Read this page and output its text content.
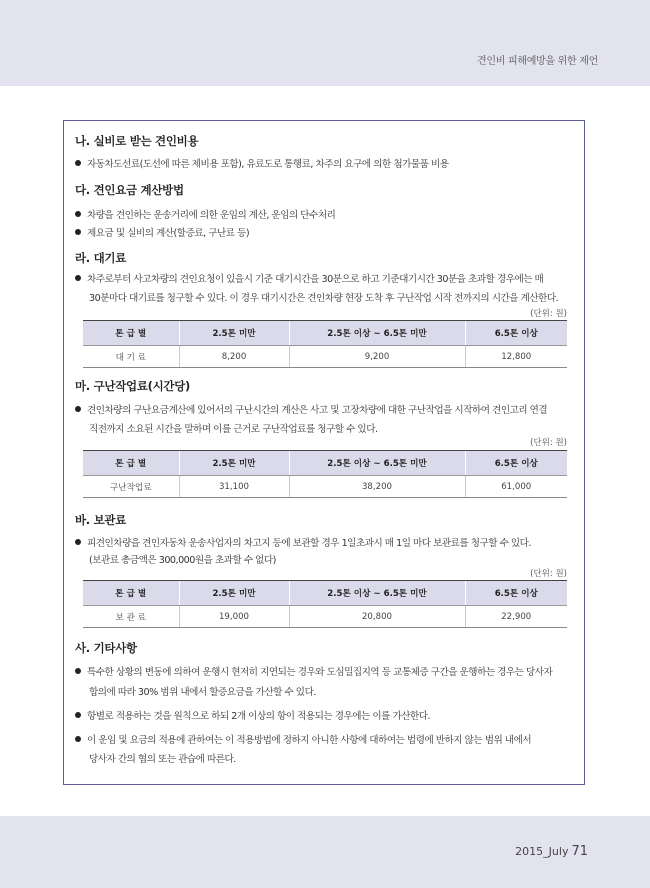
견인비 피해예방을 위한 제언
나. 실비로 받는 견인비용
자동차도선료(도선에 따른 제비용 포함), 유료도로 통행료, 차주의 요구에 의한 첨가물품 비용
다. 견인요금 계산방법
차량을 견인하는 운송거리에 의한 운임의 계산, 운임의 단수처리
제요금 및 실비의 계산(할증료, 구난료 등)
라. 대기료
차주로부터 사고차량의 견인요청이 있을시 기준 대기시간을 30분으로 하고 기준대기시간 30분을 초과할 경우에는 매
30분마다 대기료를 청구할 수 있다. 이 경우 대기시간은 견인차량 현장 도착 후 구난작업 시작 전까지의 시간을 계산한다.
(단위: 원)
톤 급 별	2.5톤 미만	2.5톤 이상 ~ 6.5톤 미만	6.5톤 이상
대 기 료	8,200	9,200	12,800
마. 구난작업료(시간당)
견인차량의 구난요금계산에 있어서의 구난시간의 계산은 사고 및 고장차량에 대한 구난작업을 시작하여 견인고리 연결
직전까지 소요된 시간을 말하며 이를 근거로 구난작업료를 청구할 수 있다.
(단위: 원)
톤 급 별	2.5톤 미만	2.5톤 이상 ~ 6.5톤 미만	6.5톤 이상
구난작업료	31,100	38,200	61,000
바. 보관료
피견인차량을 견인자동차 운송사업자의 차고지 등에 보관할 경우 1일초과시 매 1일 마다 보관료를 청구할 수 있다.
(보관료 총금액은 300,000원을 초과할 수 없다)
(단위: 원)
톤 급 별	2.5톤 미만	2.5톤 이상 ~ 6.5톤 미만	6.5톤 이상
보 관 료	19,000	20,800	22,900
사. 기타사항
특수한 상황의 변동에 의하여 운행시 현저히 지연되는 경우와 도심밀집지역 등 교통체증 구간을 운행하는 경우는 당사자
합의에 따라 30% 범위 내에서 할증요금을 가산할 수 있다.
항별로 적용하는 것을 원칙으로 하되 2개 이상의 항이 적용되는 경우에는 이를 가산한다.
이 운임 및 요금의 적용에 관하여는 이 적용방법에 정하지 아니한 사항에 대하여는 법령에 반하지 않는 범위 내에서
당사자 간의 협의 또는 관습에 따른다.
2015_July 71
